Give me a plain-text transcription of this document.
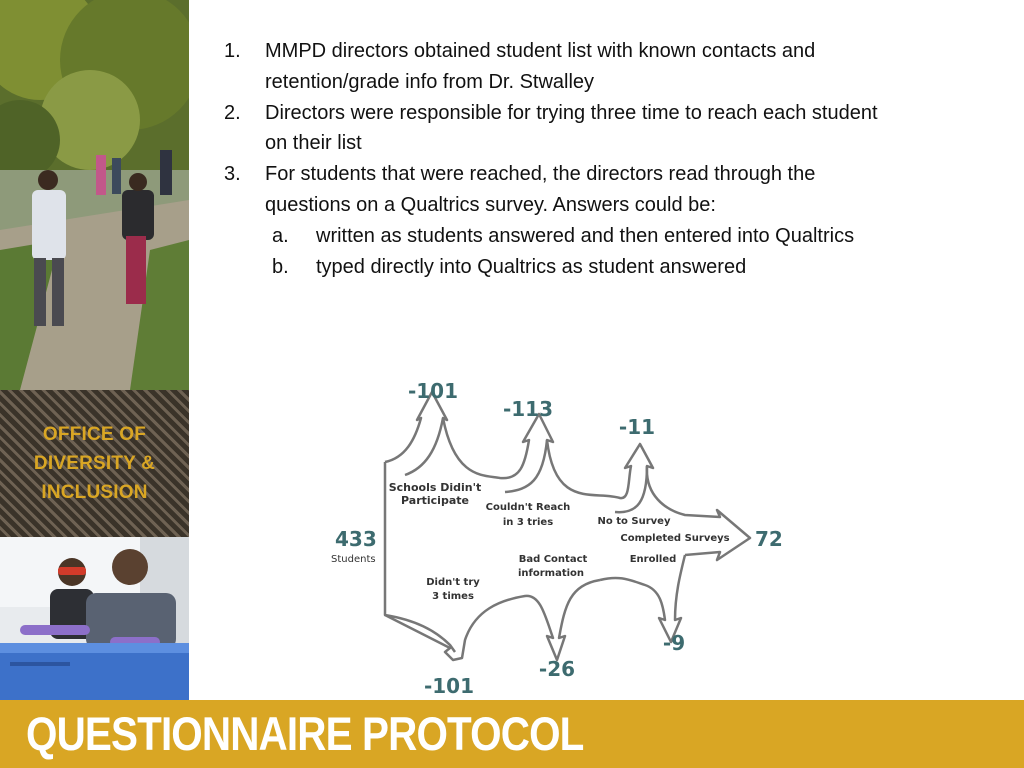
OFFICE OF DIVERSITY & INCLUSION
1.	MMPD directors obtained student list with known contacts and retention/grade info from Dr. Stwalley
2.	Directors were responsible for trying three time to reach each student on their list
3.	For students that were reached, the directors read through the questions on a Qualtrics survey. Answers could be:
a.	written as students answered and then entered into Qualtrics
b.	typed directly into Qualtrics as student answered
-101
-113
-11
433	72
-101
-26
-9
Students
Schools Didin't
Participate
Couldn't Reach
in 3 tries	No to Survey
Completed Surveys
Didn't try
3 times
Bad Contact
information
Enrolled
QUESTIONNAIRE PROTOCOL
